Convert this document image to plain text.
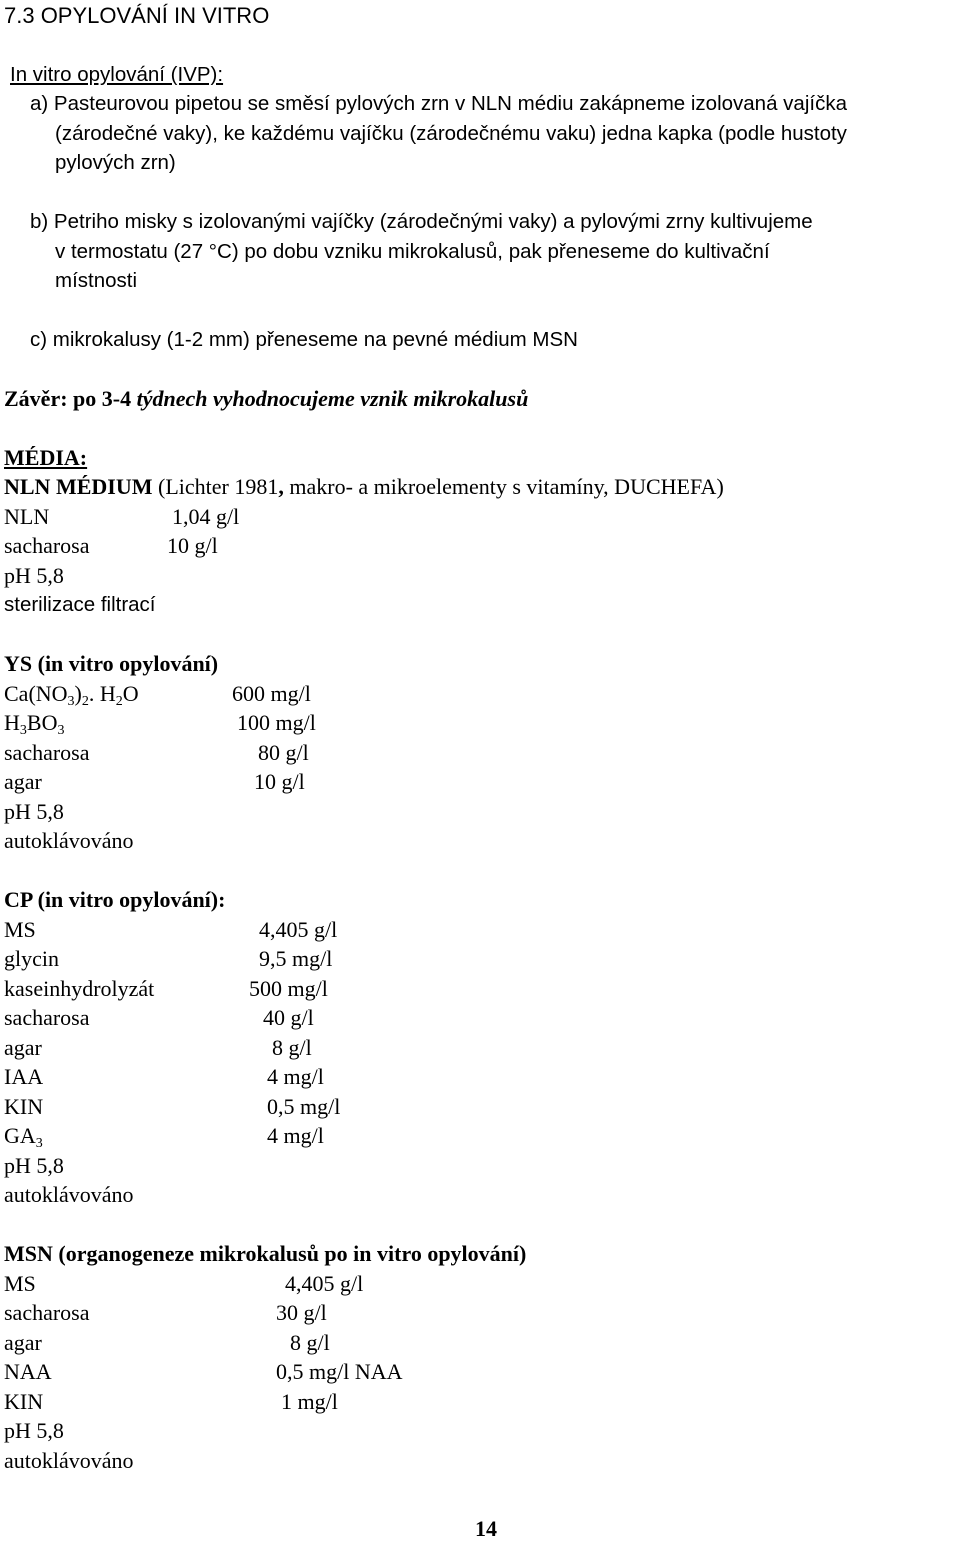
7.3 OPYLOVÁNÍ IN VITRO
In vitro opylování (IVP):
a) Pasteurovou pipetou se směsí pylových zrn v NLN médiu zakápneme izolovaná vajíčka
(zárodečné vaky), ke každému vajíčku (zárodečnému vaku) jedna kapka (podle hustoty
pylových zrn)
b) Petriho misky s izolovanými vajíčky (zárodečnými vaky) a pylovými zrny kultivujeme
v termostatu (27 °C) po dobu vzniku mikrokalusů, pak přeneseme do kultivační
místnosti
c) mikrokalusy (1-2 mm) přeneseme na pevné médium MSN
Závěr: po 3-4 týdnech vyhodnocujeme vznik mikrokalusů
MÉDIA:
NLN MÉDIUM (Lichter 1981, makro- a mikroelementy s vitamíny, DUCHEFA)
NLN	1,04 g/l
sacharosa	10 g/l
pH 5,8
sterilizace filtrací
YS (in vitro opylování)
$Ca(NO_3)_2$. $H_2O$	600 mg/l
$H_3BO_3$	100 mg/l
sacharosa	80 g/l
agar	10 g/l
pH 5,8
autoklávováno
CP (in vitro opylování):
MS	4,405 g/l
glycin	9,5 mg/l
kaseinhydrolyzát	500 mg/l
sacharosa	40 g/l
agar	8 g/l
IAA	4 mg/l
KIN	0,5 mg/l
$GA_3$	4 mg/l
pH 5,8
autoklávováno
MSN (organogeneze mikrokalusů po in vitro opylování)
MS	4,405 g/l
sacharosa	30 g/l
agar	8 g/l
NAA	0,5 mg/l NAA
KIN	1 mg/l
pH 5,8
autoklávováno
14
